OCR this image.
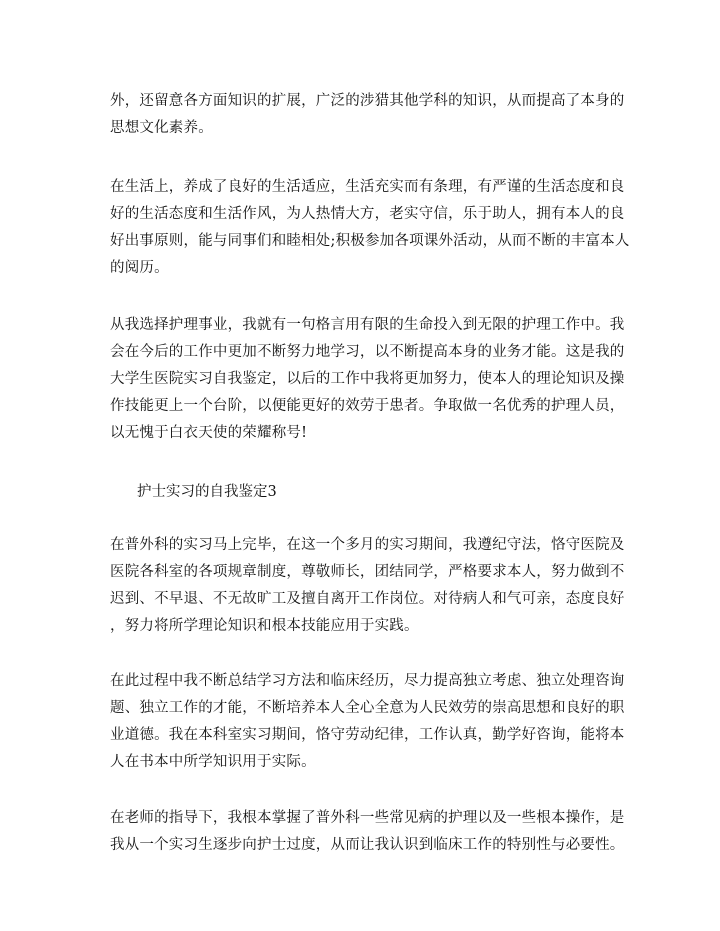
外，还留意各方面知识的扩展，广泛的涉猎其他学科的知识，从而提高了本身的
思想文化素养。

在生活上，养成了良好的生活适应，生活充实而有条理，有严谨的生活态度和良
好的生活态度和生活作风，为人热情大方，老实守信，乐于助人，拥有本人的良
好出事原则，能与同事们和睦相处;积极参加各项课外活动，从而不断的丰富本人
的阅历。

从我选择护理事业，我就有一句格言用有限的生命投入到无限的护理工作中。我
会在今后的工作中更加不断努力地学习，以不断提高本身的业务才能。这是我的
大学生医院实习自我鉴定，以后的工作中我将更加努力，使本人的理论知识及操
作技能更上一个台阶，以便能更好的效劳于患者。争取做一名优秀的护理人员，
以无愧于白衣天使的荣耀称号!

护士实习的自我鉴定3

在普外科的实习马上完毕，在这一个多月的实习期间，我遵纪守法，恪守医院及
医院各科室的各项规章制度，尊敬师长，团结同学，严格要求本人，努力做到不
迟到、不早退、不无故旷工及擅自离开工作岗位。对待病人和气可亲，态度良好
，努力将所学理论知识和根本技能应用于实践。

在此过程中我不断总结学习方法和临床经历，尽力提高独立考虑、独立处理咨询
题、独立工作的才能，不断培养本人全心全意为人民效劳的崇高思想和良好的职
业道德。我在本科室实习期间，恪守劳动纪律，工作认真，勤学好咨询，能将本
人在书本中所学知识用于实际。

在老师的指导下，我根本掌握了普外科一些常见病的护理以及一些根本操作，是
我从一个实习生逐步向护士过度，从而让我认识到临床工作的特别性与必要性。
